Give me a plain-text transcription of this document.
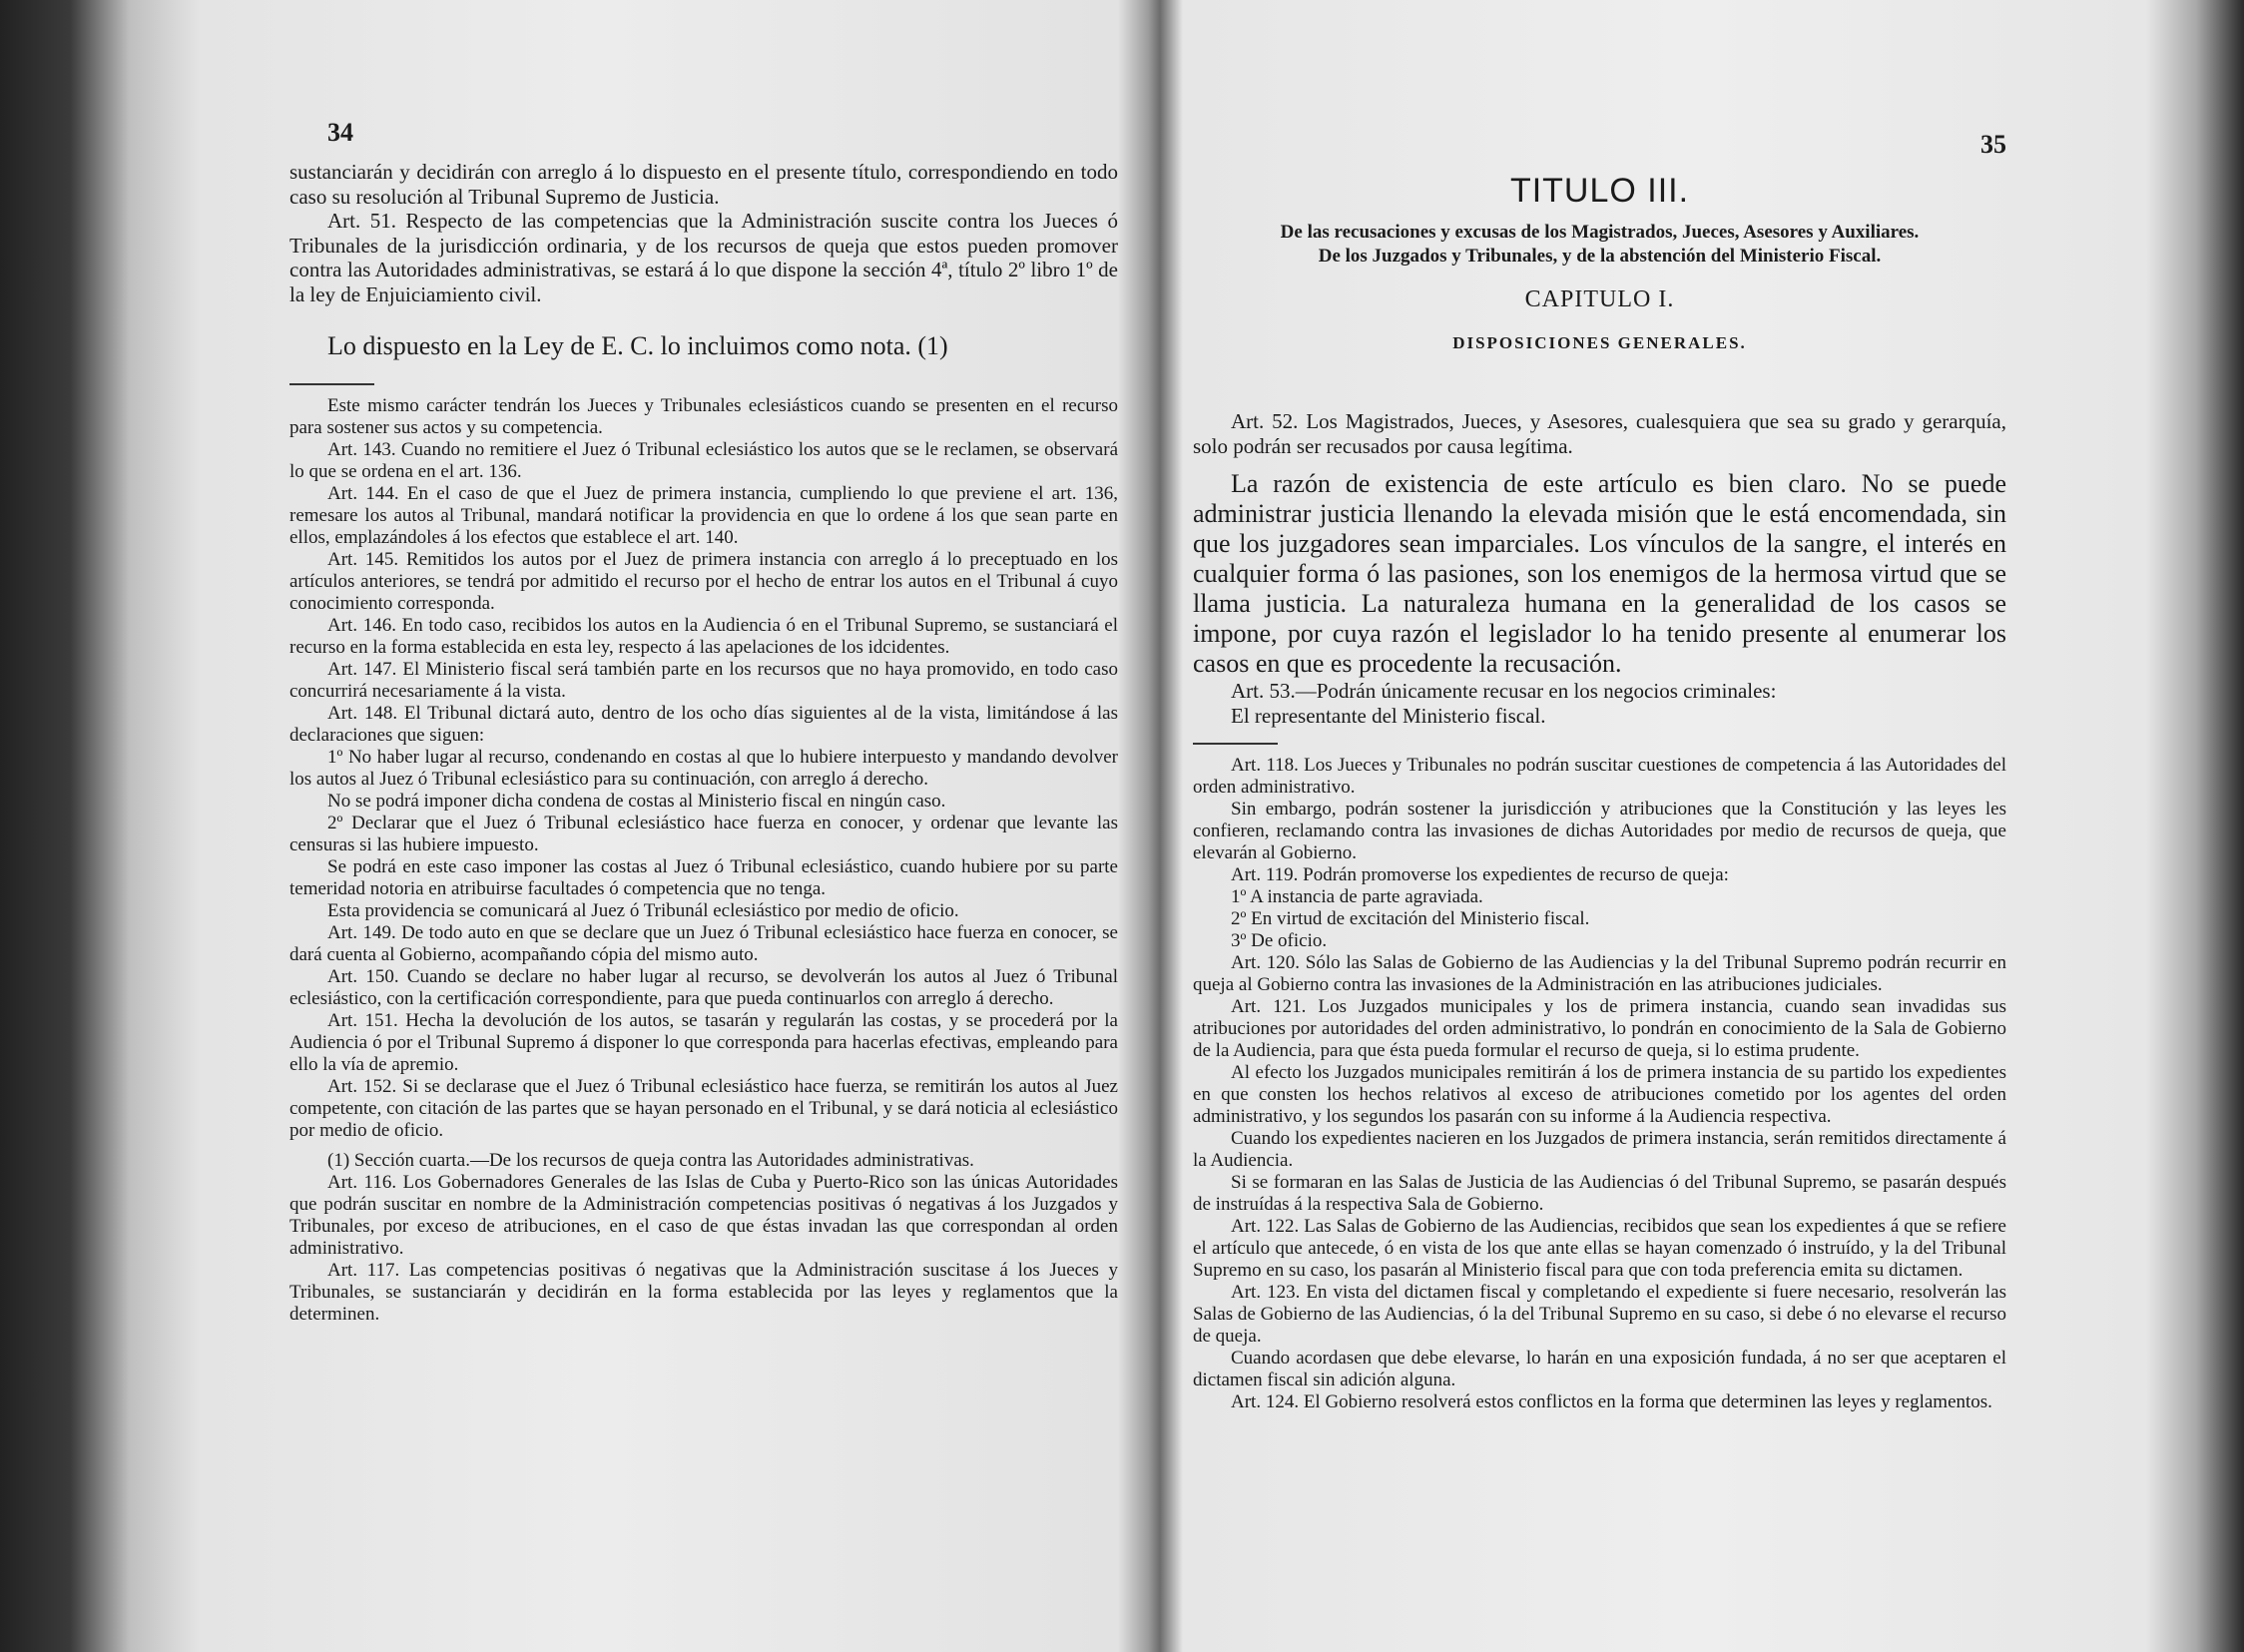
34

sustanciarán y decidirán con arreglo á lo dispuesto en el presente título, correspondiendo en todo caso su resolución al Tribunal Supremo de Justicia.

Art. 51. Respecto de las competencias que la Administración suscite contra los Jueces ó Tribunales de la jurisdicción ordinaria, y de los recursos de queja que estos pueden promover contra las Autoridades administrativas, se estará á lo que dispone la sección 4ª, título 2º libro 1º de la ley de Enjuiciamiento civil.

Lo dispuesto en la Ley de E. C. lo incluimos como nota. (1)

Este mismo carácter tendrán los Jueces y Tribunales eclesiásticos cuando se presenten en el recurso para sostener sus actos y su competencia.

Art. 143. Cuando no remitiere el Juez ó Tribunal eclesiástico los autos que se le reclamen, se observará lo que se ordena en el art. 136.

Art. 144. En el caso de que el Juez de primera instancia, cumpliendo lo que previene el art. 136, remesare los autos al Tribunal, mandará notificar la providencia en que lo ordene á los que sean parte en ellos, emplazándoles á los efectos que establece el art. 140.

Art. 145. Remitidos los autos por el Juez de primera instancia con arreglo á lo preceptuado en los artículos anteriores, se tendrá por admitido el recurso por el hecho de entrar los autos en el Tribunal á cuyo conocimiento corresponda.

Art. 146. En todo caso, recibidos los autos en la Audiencia ó en el Tribunal Supremo, se sustanciará el recurso en la forma establecida en esta ley, respecto á las apelaciones de los idcidentes.

Art. 147. El Ministerio fiscal será también parte en los recursos que no haya promovido, en todo caso concurrirá necesariamente á la vista.

Art. 148. El Tribunal dictará auto, dentro de los ocho días siguientes al de la vista, limitándose á las declaraciones que siguen:

1º No haber lugar al recurso, condenando en costas al que lo hubiere interpuesto y mandando devolver los autos al Juez ó Tribunal eclesiástico para su continuación, con arreglo á derecho.

No se podrá imponer dicha condena de costas al Ministerio fiscal en ningún caso.

2º Declarar que el Juez ó Tribunal eclesiástico hace fuerza en conocer, y ordenar que levante las censuras si las hubiere impuesto.

Se podrá en este caso imponer las costas al Juez ó Tribunal eclesiástico, cuando hubiere por su parte temeridad notoria en atribuirse facultades ó competencia que no tenga.

Esta providencia se comunicará al Juez ó Tribunál eclesiástico por medio de oficio.

Art. 149. De todo auto en que se declare que un Juez ó Tribunal eclesiástico hace fuerza en conocer, se dará cuenta al Gobierno, acompañando cópia del mismo auto.

Art. 150. Cuando se declare no haber lugar al recurso, se devolverán los autos al Juez ó Tribunal eclesiástico, con la certificación correspondiente, para que pueda continuarlos con arreglo á derecho.

Art. 151. Hecha la devolución de los autos, se tasarán y regularán las costas, y se procederá por la Audiencia ó por el Tribunal Supremo á disponer lo que corresponda para hacerlas efectivas, empleando para ello la vía de apremio.

Art. 152. Si se declarase que el Juez ó Tribunal eclesiástico hace fuerza, se remitirán los autos al Juez competente, con citación de las partes que se hayan personado en el Tribunal, y se dará noticia al eclesiástico por medio de oficio.

(1) Sección cuarta.—De los recursos de queja contra las Autoridades administrativas.

Art. 116. Los Gobernadores Generales de las Islas de Cuba y Puerto-Rico son las únicas Autoridades que podrán suscitar en nombre de la Administración competencias positivas ó negativas á los Juzgados y Tribunales, por exceso de atribuciones, en el caso de que éstas invadan las que correspondan al orden administrativo.

Art. 117. Las competencias positivas ó negativas que la Administración suscitase á los Jueces y Tribunales, se sustanciarán y decidirán en la forma establecida por las leyes y reglamentos que la determinen.

35
TITULO III.
De las recusaciones y excusas de los Magistrados, Jueces, Asesores y Auxiliares.
De los Juzgados y Tribunales, y de la abstención del Ministerio Fiscal.
CAPITULO I.
DISPOSICIONES GENERALES.

Art. 52. Los Magistrados, Jueces, y Asesores, cualesquiera que sea su grado y gerarquía, solo podrán ser recusados por causa legítima.

La razón de existencia de este artículo es bien claro. No se puede administrar justicia llenando la elevada misión que le está encomendada, sin que los juzgadores sean imparciales. Los vínculos de la sangre, el interés en cualquier forma ó las pasiones, son los enemigos de la hermosa virtud que se llama justicia. La naturaleza humana en la generalidad de los casos se impone, por cuya razón el legislador lo ha tenido presente al enumerar los casos en que es procedente la recusación.

Art. 53.—Podrán únicamente recusar en los negocios criminales:

El representante del Ministerio fiscal.

Art. 118. Los Jueces y Tribunales no podrán suscitar cuestiones de competencia á las Autoridades del orden administrativo.

Sin embargo, podrán sostener la jurisdicción y atribuciones que la Constitución y las leyes les confieren, reclamando contra las invasiones de dichas Autoridades por medio de recursos de queja, que elevarán al Gobierno.

Art. 119. Podrán promoverse los expedientes de recurso de queja:

1º A instancia de parte agraviada.

2º En virtud de excitación del Ministerio fiscal.

3º De oficio.

Art. 120. Sólo las Salas de Gobierno de las Audiencias y la del Tribunal Supremo podrán recurrir en queja al Gobierno contra las invasiones de la Administración en las atribuciones judiciales.

Art. 121. Los Juzgados municipales y los de primera instancia, cuando sean invadidas sus atribuciones por autoridades del orden administrativo, lo pondrán en conocimiento de la Sala de Gobierno de la Audiencia, para que ésta pueda formular el recurso de queja, si lo estima prudente.

Al efecto los Juzgados municipales remitirán á los de primera instancia de su partido los expedientes en que consten los hechos relativos al exceso de atribuciones cometido por los agentes del orden administrativo, y los segundos los pasarán con su informe á la Audiencia respectiva.

Cuando los expedientes nacieren en los Juzgados de primera instancia, serán remitidos directamente á la Audiencia.

Si se formaran en las Salas de Justicia de las Audiencias ó del Tribunal Supremo, se pasarán después de instruídas á la respectiva Sala de Gobierno.

Art. 122. Las Salas de Gobierno de las Audiencias, recibidos que sean los expedientes á que se refiere el artículo que antecede, ó en vista de los que ante ellas se hayan comenzado ó instruído, y la del Tribunal Supremo en su caso, los pasarán al Ministerio fiscal para que con toda preferencia emita su dictamen.

Art. 123. En vista del dictamen fiscal y completando el expediente si fuere necesario, resolverán las Salas de Gobierno de las Audiencias, ó la del Tribunal Supremo en su caso, si debe ó no elevarse el recurso de queja.

Cuando acordasen que debe elevarse, lo harán en una exposición fundada, á no ser que aceptaren el dictamen fiscal sin adición alguna.

Art. 124. El Gobierno resolverá estos conflictos en la forma que determinen las leyes y reglamentos.
